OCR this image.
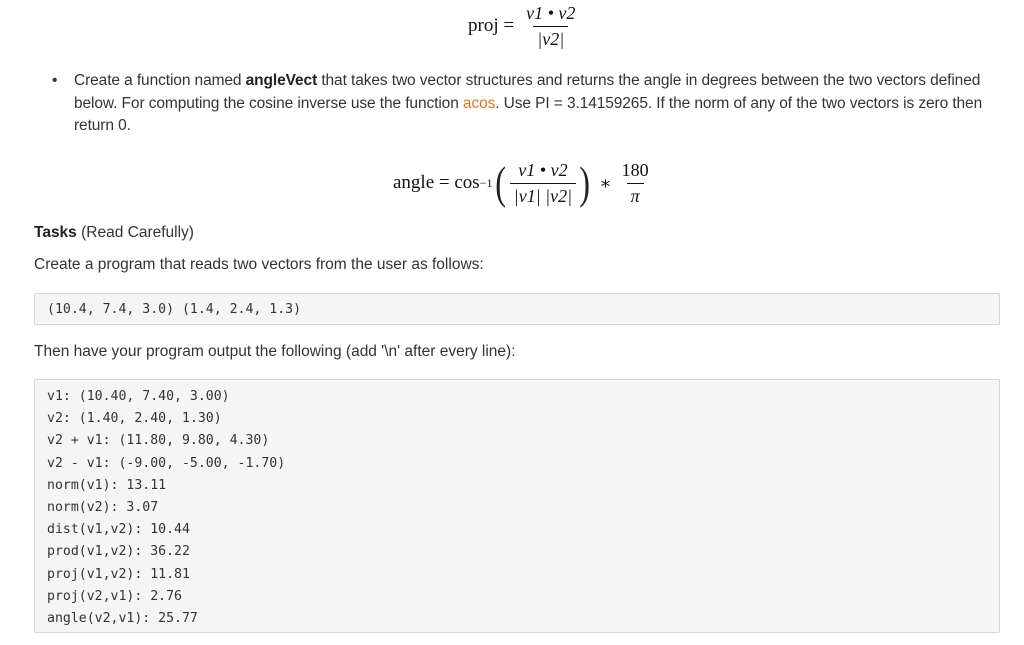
proj = $\frac{v1 • v2}{|v2|}$
• Create a function named angleVect that takes two vector structures and returns the angle in degrees between the two vectors defined below. For computing the cosine inverse use the function acos. Use PI = 3.14159265. If the norm of any of the two vectors is zero then return 0.
angle = cos −1 ( $\frac{v1 • v2}{|v1| |v2|}$ ) ∗ $\frac{180}{\pi}$
Tasks (Read Carefully)
Create a program that reads two vectors from the user as follows:
(10.4, 7.4, 3.0) (1.4, 2.4, 1.3)
Then have your program output the following (add '\n' after every line):
v1: (10.40, 7.40, 3.00)
v2: (1.40, 2.40, 1.30)
v2 + v1: (11.80, 9.80, 4.30)
v2 - v1: (-9.00, -5.00, -1.70)
norm(v1): 13.11
norm(v2): 3.07
dist(v1,v2): 10.44
prod(v1,v2): 36.22
proj(v1,v2): 11.81
proj(v2,v1): 2.76
angle(v2,v1): 25.77
